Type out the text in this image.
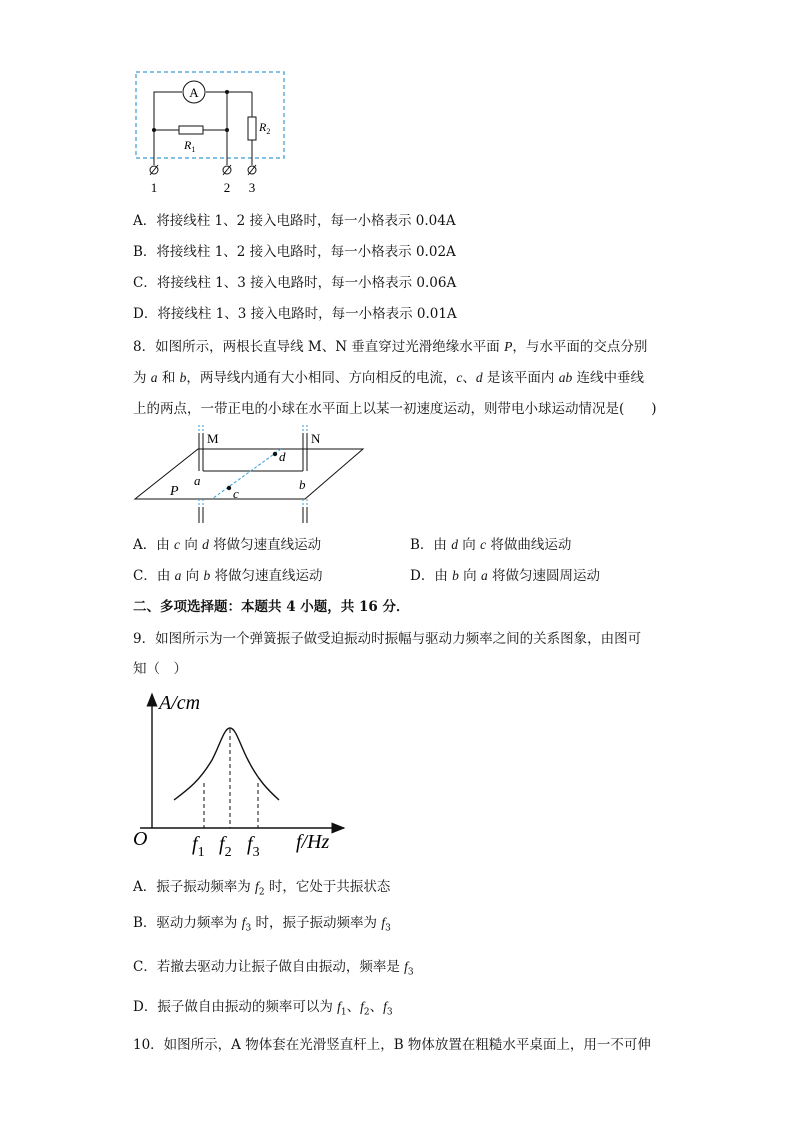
A
$R_1$
$R_2$
1	2 3
A．将接线柱 1、2 接入电路时，每一小格表示 0.04A
B．将接线柱 1、2 接入电路时，每一小格表示 0.02A
C．将接线柱 1、3 接入电路时，每一小格表示 0.06A
D．将接线柱 1、3 接入电路时，每一小格表示 0.01A
8．如图所示，两根长直导线 M、N 垂直穿过光滑绝缘水平面 P，与水平面的交点分别
为 a 和 b，两导线内通有大小相同、方向相反的电流，c、d 是该平面内 ab 连线中垂线
上的两点，一带正电的小球在水平面上以某一初速度运动，则带电小球运动情况是(　　)
M	N
P
a	b
c
d
A．由 c 向 d 将做匀速直线运动	B．由 d 向 c 将做曲线运动
C．由 a 向 b 将做匀速直线运动	D．由 b 向 a 将做匀速圆周运动
二、多项选择题：本题共 4 小题，共 16 分．
9．如图所示为一个弹簧振子做受迫振动时振幅与驱动力频率之间的关系图象，由图可
知（　）
A/cm
f/Hz
O $f_1$ $f_2$ $f_3$
A．振子振动频率为 $f_2$ 时，它处于共振状态
B．驱动力频率为 $f_3$ 时，振子振动频率为 $f_3$
C．若撤去驱动力让振子做自由振动，频率是 $f_3$
D．振子做自由振动的频率可以为 $f_1$、$f_2$、$f_3$
10．如图所示，A 物体套在光滑竖直杆上，B 物体放置在粗糙水平桌面上，用一不可伸
